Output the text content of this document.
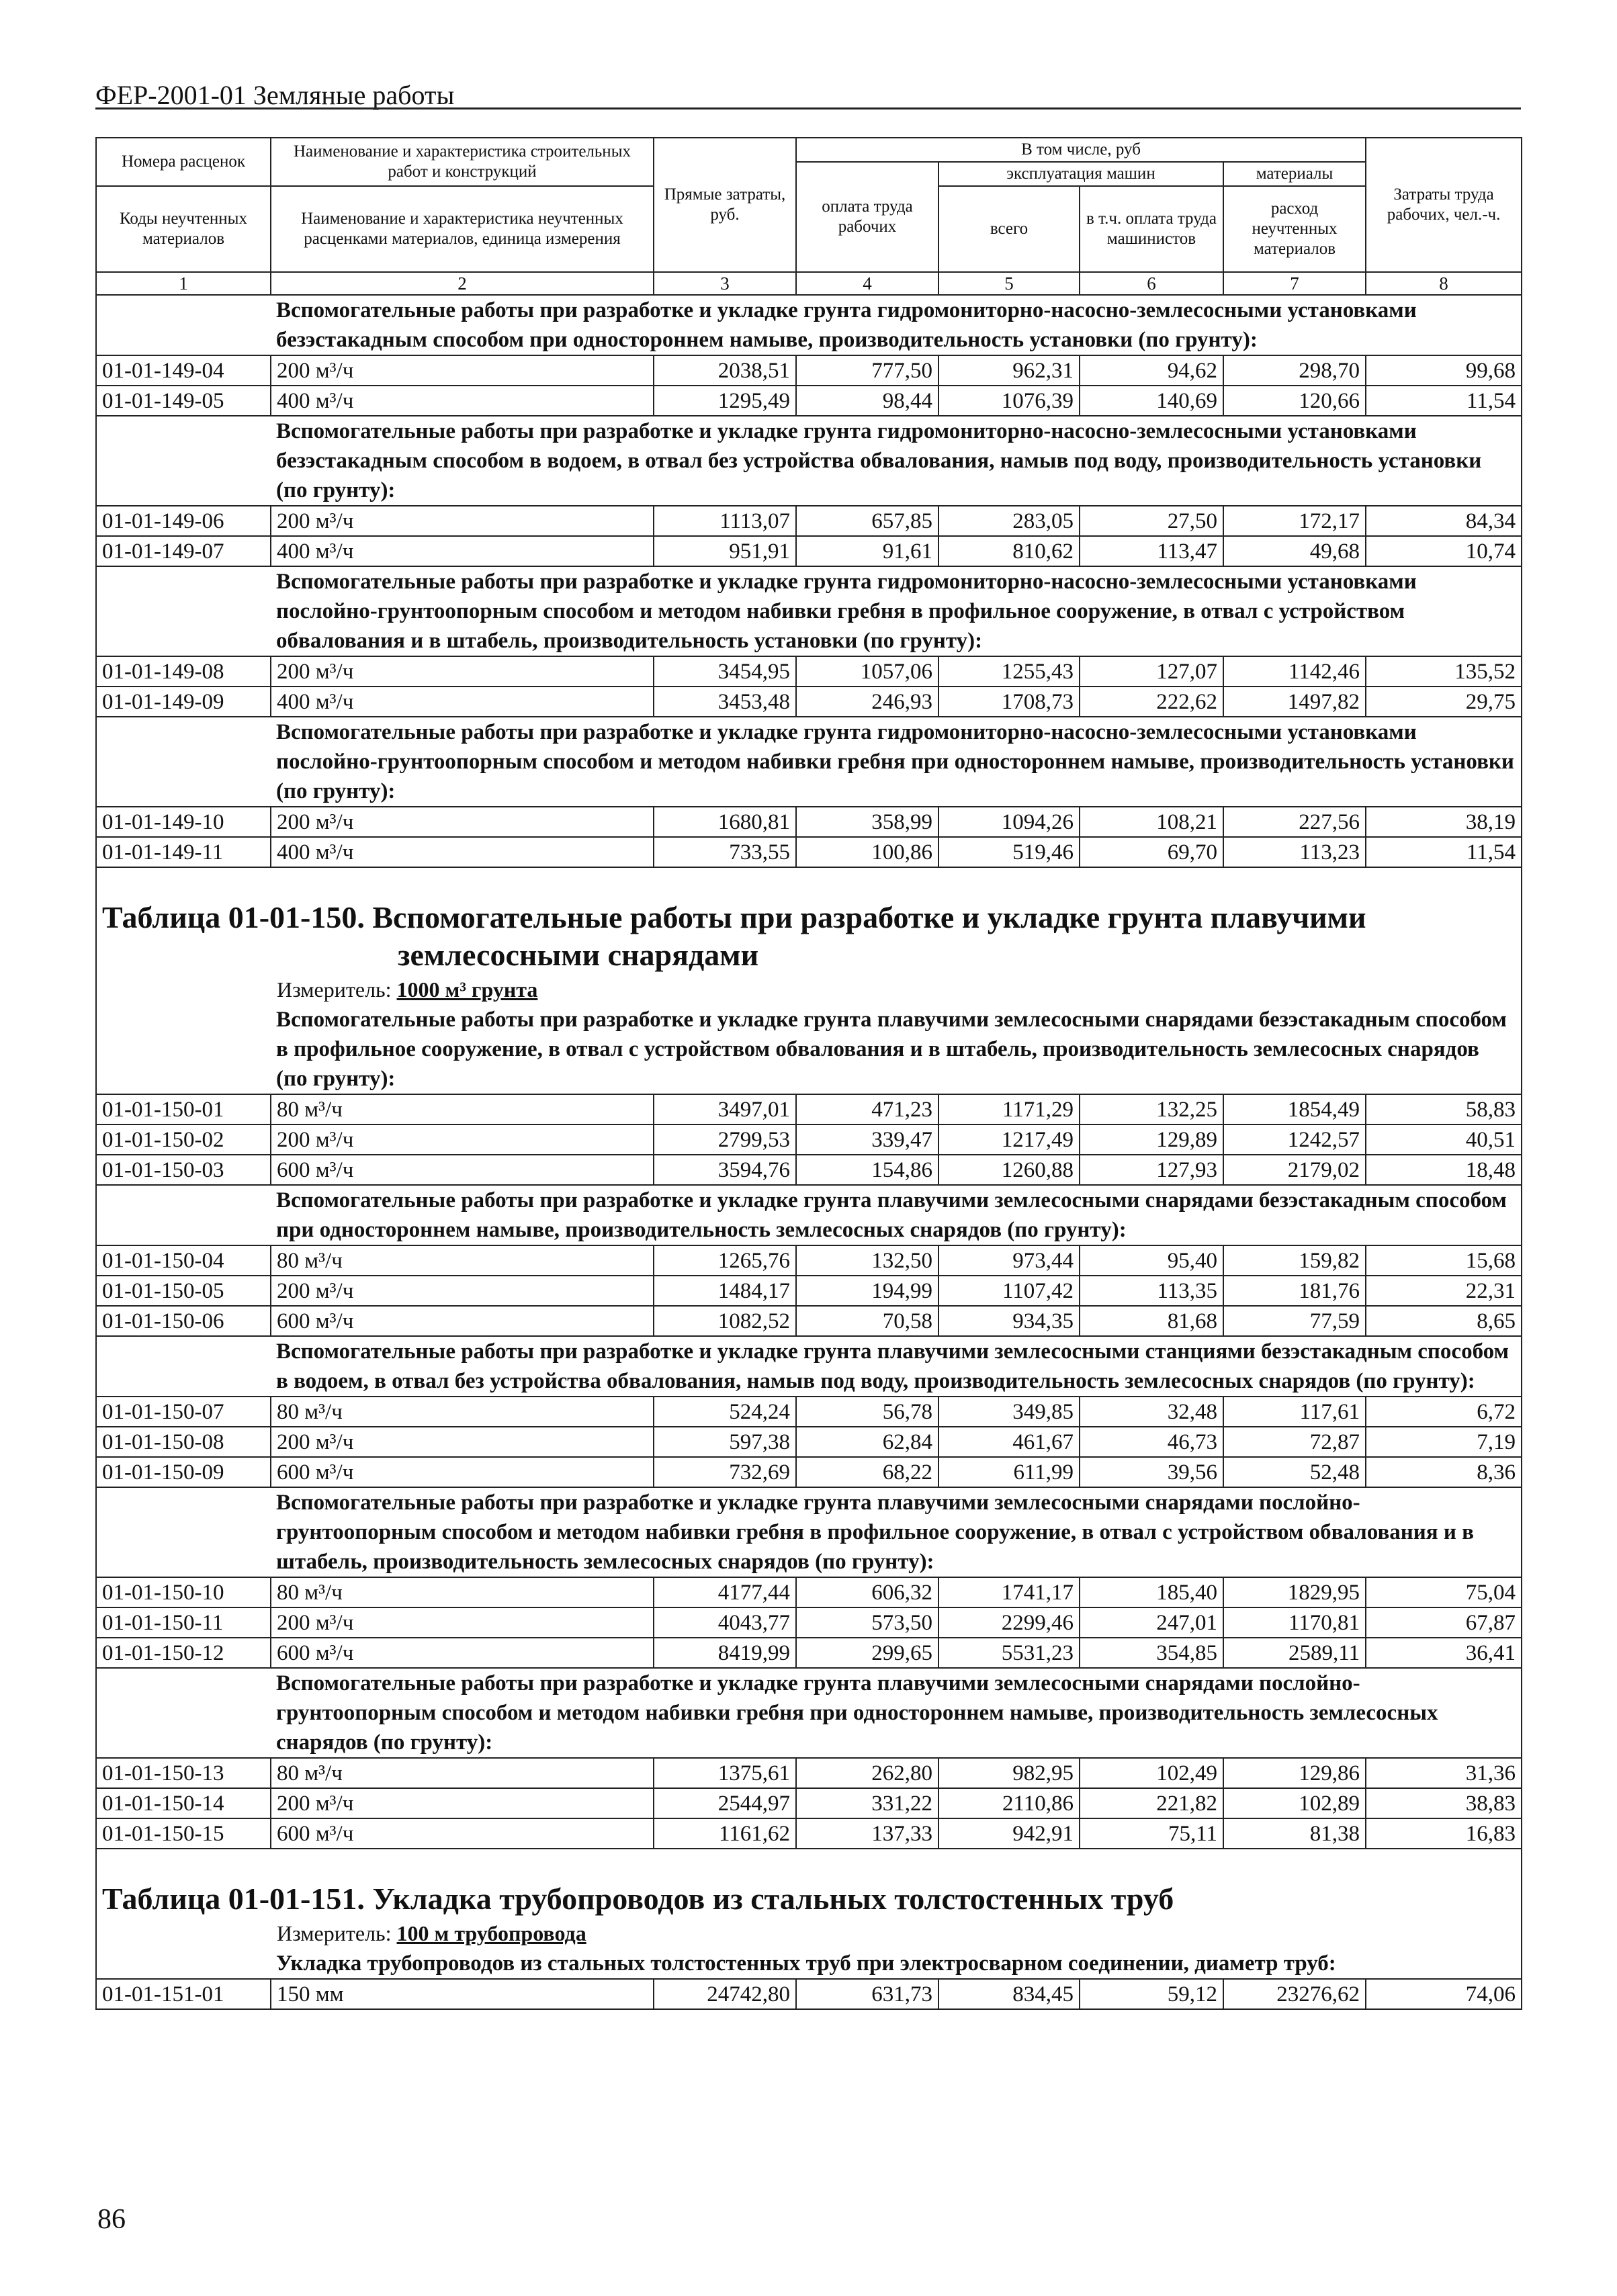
ФЕР-2001-01 Земляные работы
Номера расценок	Наименование и характеристика строительных работ и конструкций	Прямые затраты, руб.	В том числе, руб				Затраты труда рабочих, чел.-ч.
			оплата труда рабочих	эксплуатация машин		материалы	
Коды неучтенных материалов	Наименование и характеристика неучтенных расценками материалов, единица измерения			всего	в т.ч. оплата труда машинистов	расход неучтенных материалов	

1	2	3	4	5	6	7	8
	Вспомогательные работы при разработке и укладке грунта гидромониторно-насосно-землесосными установками безэстакадным способом при одностороннем намыве, производительность установки (по грунту):						
01-01-149-04	200 м³/ч	2038,51	777,50	962,31	94,62	298,70	99,68
01-01-149-05	400 м³/ч	1295,49	98,44	1076,39	140,69	120,66	11,54
	Вспомогательные работы при разработке и укладке грунта гидромониторно-насосно-землесосными установками безэстакадным способом в водоем, в отвал без устройства обвалования, намыв под воду, производительность установки (по грунту):						
01-01-149-06	200 м³/ч	1113,07	657,85	283,05	27,50	172,17	84,34
01-01-149-07	400 м³/ч	951,91	91,61	810,62	113,47	49,68	10,74
	Вспомогательные работы при разработке и укладке грунта гидромониторно-насосно-землесосными установками послойно-грунтоопорным способом и методом набивки гребня в профильное сооружение, в отвал с устройством обвалования и в штабель, производительность установки (по грунту):						
01-01-149-08	200 м³/ч	3454,95	1057,06	1255,43	127,07	1142,46	135,52
01-01-149-09	400 м³/ч	3453,48	246,93	1708,73	222,62	1497,82	29,75
	Вспомогательные работы при разработке и укладке грунта гидромониторно-насосно-землесосными установками послойно-грунтоопорным способом и методом набивки гребня при одностороннем намыве, производительность установки (по грунту):						
01-01-149-10	200 м³/ч	1680,81	358,99	1094,26	108,21	227,56	38,19
01-01-149-11	400 м³/ч	733,55	100,86	519,46	69,70	113,23	11,54

Таблица 01-01-150. Вспомогательные работы при разработке и укладке грунта плавучими
землесосными снарядами							

Измеритель: 1000 м³ грунта							
	Вспомогательные работы при разработке и укладке грунта плавучими землесосными снарядами безэстакадным способом в профильное сооружение, в отвал с устройством обвалования и в штабель, производительность землесосных снарядов (по грунту):						
01-01-150-01	80 м³/ч	3497,01	471,23	1171,29	132,25	1854,49	58,83
01-01-150-02	200 м³/ч	2799,53	339,47	1217,49	129,89	1242,57	40,51
01-01-150-03	600 м³/ч	3594,76	154,86	1260,88	127,93	2179,02	18,48
	Вспомогательные работы при разработке и укладке грунта плавучими землесосными снарядами безэстакадным способом при одностороннем намыве, производительность землесосных снарядов (по грунту):						
01-01-150-04	80 м³/ч	1265,76	132,50	973,44	95,40	159,82	15,68
01-01-150-05	200 м³/ч	1484,17	194,99	1107,42	113,35	181,76	22,31
01-01-150-06	600 м³/ч	1082,52	70,58	934,35	81,68	77,59	8,65
	Вспомогательные работы при разработке и укладке грунта плавучими землесосными станциями безэстакадным способом в водоем, в отвал без устройства обвалования, намыв под воду, производительность землесосных снарядов (по грунту):						
01-01-150-07	80 м³/ч	524,24	56,78	349,85	32,48	117,61	6,72
01-01-150-08	200 м³/ч	597,38	62,84	461,67	46,73	72,87	7,19
01-01-150-09	600 м³/ч	732,69	68,22	611,99	39,56	52,48	8,36
	Вспомогательные работы при разработке и укладке грунта плавучими землесосными снарядами послойно-грунтоопорным способом и методом набивки гребня в профильное сооружение, в отвал с устройством обвалования и в штабель, производительность землесосных снарядов (по грунту):						
01-01-150-10	80 м³/ч	4177,44	606,32	1741,17	185,40	1829,95	75,04
01-01-150-11	200 м³/ч	4043,77	573,50	2299,46	247,01	1170,81	67,87
01-01-150-12	600 м³/ч	8419,99	299,65	5531,23	354,85	2589,11	36,41
	Вспомогательные работы при разработке и укладке грунта плавучими землесосными снарядами послойно-грунтоопорным способом и методом набивки гребня при одностороннем намыве, производительность землесосных снарядов (по грунту):						
01-01-150-13	80 м³/ч	1375,61	262,80	982,95	102,49	129,86	31,36
01-01-150-14	200 м³/ч	2544,97	331,22	2110,86	221,82	102,89	38,83
01-01-150-15	600 м³/ч	1161,62	137,33	942,91	75,11	81,38	16,83

Таблица 01-01-151. Укладка трубопроводов из стальных толстостенных труб							
Измеритель: 100 м трубопровода							
	Укладка трубопроводов из стальных толстостенных труб при электросварном соединении, диаметр труб:						
01-01-151-01	150 мм	24742,80	631,73	834,45	59,12	23276,62	74,06
86
